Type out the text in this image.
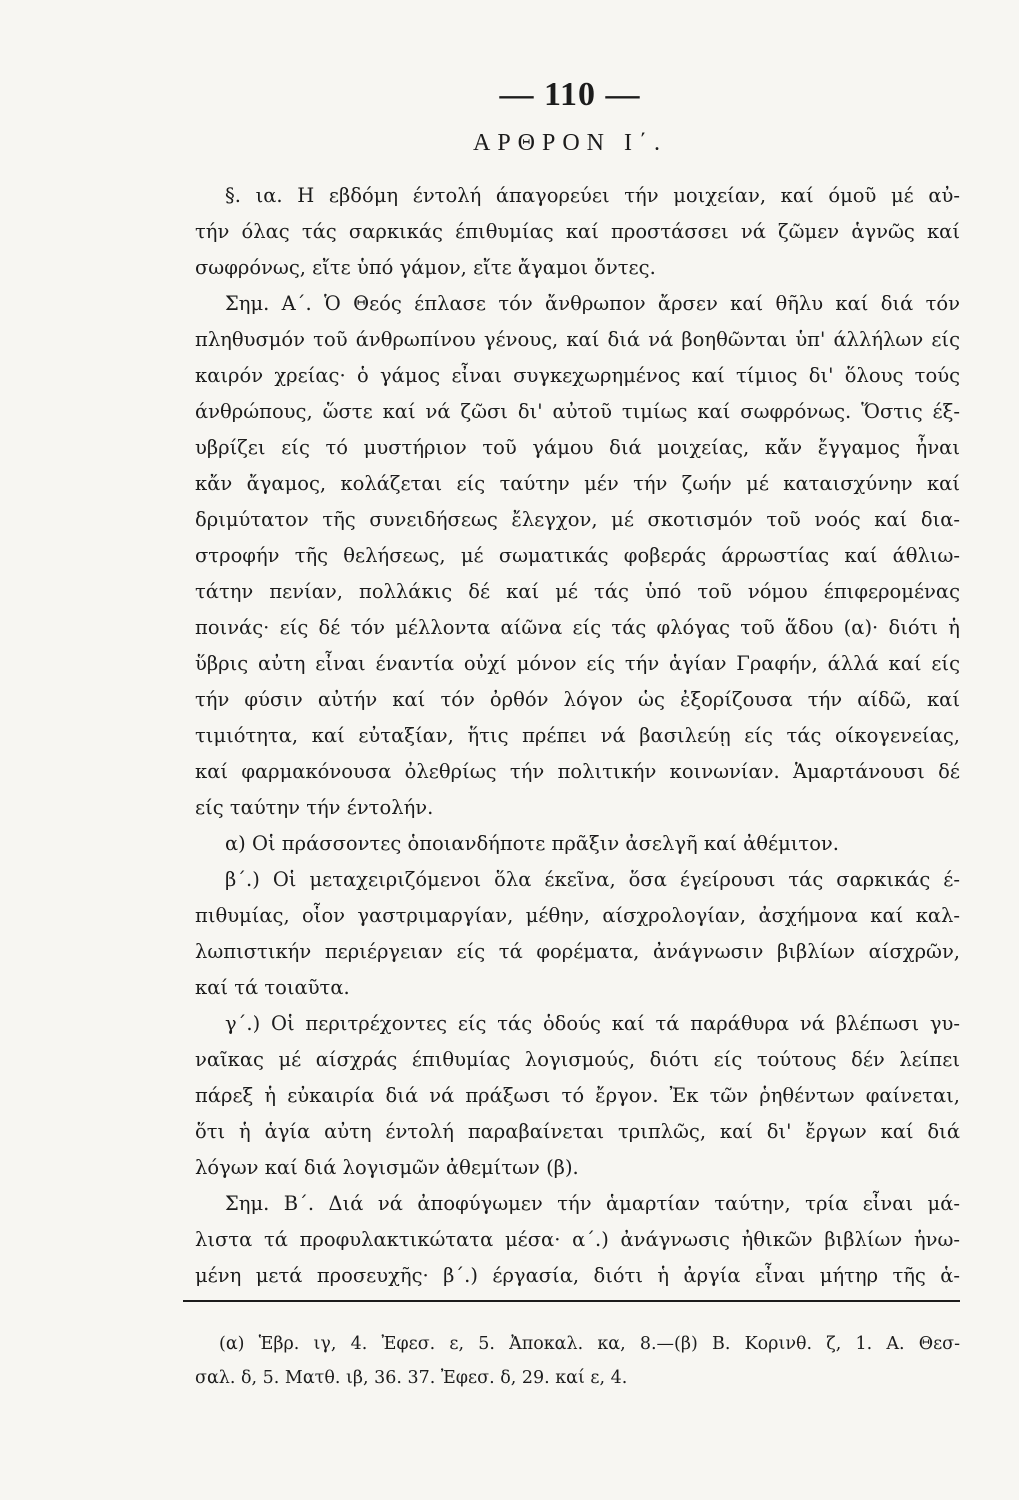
— 110 —
ΑΡΘΡΟΝ Ι΄.
§. ια. Η εβδόμη έντολή άπαγορεύει τήν μοιχείαν, καί όμοῦ μέ αὐ-
τήν όλας τάς σαρκικάς έπιθυμίας καί προστάσσει νά ζῶμεν ἁγνῶς καί
σωφρόνως, εἴτε ὑπό γάμον, εἴτε ἄγαμοι ὄντες.
Σημ. Α΄. Ὁ Θεός έπλασε τόν ἄνθρωπον ἄρσεν καί θῆλυ καί διά τόν
πληθυσμόν τοῦ άνθρωπίνου γένους, καί διά νά βοηθῶνται ὑπ' άλλήλων είς
καιρόν χρείας· ὁ γάμος εἶναι συγκεχωρημένος καί τίμιος δι' ὅλους τούς
άνθρώπους, ὥστε καί νά ζῶσι δι' αὐτοῦ τιμίως καί σωφρόνως. Ὅστις έξ-
υβρίζει είς τό μυστήριον τοῦ γάμου διά μοιχείας, κἄν ἔγγαμος ἦναι
κἄν ἄγαμος, κολάζεται είς ταύτην μέν τήν ζωήν μέ καταισχύνην καί
δριμύτατον τῆς συνειδήσεως ἔλεγχον, μέ σκοτισμόν τοῦ νοός καί δια-
στροφήν τῆς θελήσεως, μέ σωματικάς φοβεράς άρρωστίας καί άθλιω-
τάτην πενίαν, πολλάκις δέ καί μέ τάς ὑπό τοῦ νόμου έπιφερομένας
ποινάς· είς δέ τόν μέλλοντα αίῶνα είς τάς φλόγας τοῦ ἅδου (α)· διότι ἡ
ὕβρις αὐτη εἶναι έναντία οὐχί μόνον είς τήν ἁγίαν Γραφήν, άλλά καί είς
τήν φύσιν αὐτήν καί τόν ὀρθόν λόγον ὡς ἐξορίζουσα τήν αίδῶ, καί
τιμιότητα, καί εὐταξίαν, ἥτις πρέπει νά βασιλεύῃ είς τάς οίκογενείας,
καί φαρμακόνουσα ὀλεθρίως τήν πολιτικήν κοινωνίαν. Ἁμαρτάνουσι δέ
είς ταύτην τήν έντολήν.
α) Οἱ πράσσοντες ὁποιανδήποτε πρᾶξιν ἀσελγῆ καί ἀθέμιτον.
β΄.) Οἱ μεταχειριζόμενοι ὅλα έκεῖνα, ὅσα έγείρουσι τάς σαρκικάς έ-
πιθυμίας, οἷον γαστριμαργίαν, μέθην, αίσχρολογίαν, ἀσχήμονα καί καλ-
λωπιστικήν περιέργειαν είς τά φορέματα, ἀνάγνωσιν βιβλίων αίσχρῶν,
καί τά τοιαῦτα.
γ΄.) Οἱ περιτρέχοντες είς τάς ὁδούς καί τά παράθυρα νά βλέπωσι γυ-
ναῖκας μέ αίσχράς έπιθυμίας λογισμούς, διότι είς τούτους δέν λείπει
πάρεξ ἡ εὐκαιρία διά νά πράξωσι τό ἔργον. Ἐκ τῶν ῥηθέντων φαίνεται,
ὅτι ἡ ἁγία αὐτη έντολή παραβαίνεται τριπλῶς, καί δι' ἔργων καί διά
λόγων καί διά λογισμῶν ἀθεμίτων (β).
Σημ. Β΄. Διά νά ἀποφύγωμεν τήν ἁμαρτίαν ταύτην, τρία εἶναι μά-
λιστα τά προφυλακτικώτατα μέσα· α΄.) ἀνάγνωσις ἠθικῶν βιβλίων ἡνω-
μένη μετά προσευχῆς· β΄.) έργασία, διότι ἡ ἀργία εἶναι μήτηρ τῆς ἁ-
(α) Ἑβρ. ιγ, 4. Ἐφεσ. ε, 5. Ἀποκαλ. κα, 8.—(β) Β. Κορινθ. ζ, 1. Α. Θεσ-
σαλ. δ, 5. Ματθ. ιβ, 36. 37. Ἐφεσ. δ, 29. καί ε, 4.
